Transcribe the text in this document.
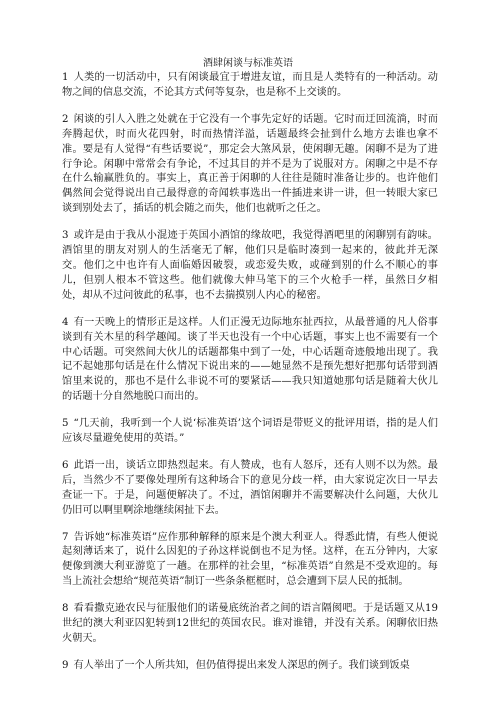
酒肆闲谈与标准英语

1 人类的一切活动中，只有闲谈最宜于增进友谊，而且是人类特有的一种活动。动物之间的信息交流，不论其方式何等复杂，也是称不上交谈的。

2 闲谈的引人入胜之处就在于它没有一个事先定好的话题。它时而迂回流淌，时而奔腾起伏，时而火花四射，时而热情洋溢，话题最终会扯到什么地方去谁也拿不准。要是有人觉得“有些话要说”，那定会大煞风景，使闲聊无趣。闲聊不是为了进行争论。闲聊中常常会有争论，不过其目的并不是为了说服对方。闲聊之中是不存在什么输赢胜负的。事实上，真正善于闲聊的人往往是随时准备让步的。也许他们偶然间会觉得说出自己最得意的奇闻轶事选出一件插进来讲一讲，但一转眼大家已谈到别处去了，插话的机会随之而失，他们也就听之任之。

3 或许是由于我从小混迹于英国小酒馆的缘故吧，我觉得酒吧里的闲聊别有韵味。酒馆里的朋友对别人的生活毫无了解，他们只是临时凑到一起来的，彼此并无深交。他们之中也许有人面临婚因破裂，或恋爱失败，或碰到别的什么不顺心的事儿，但别人根本不管这些。他们就像大伸马笔下的三个火枪手一样，虽然日夕相处，却从不过问彼此的私事，也不去揣摸别人内心的秘密。

4 有一天晚上的情形正是这样。人们正漫无边际地东扯西拉，从最普通的凡人俗事谈到有关木星的科学趣闻。谈了半天也没有一个中心话题，事实上也不需要有一个中心话题。可突然间大伙儿的话题都集中到了一处，中心话题奇迹般地出现了。我记不起她那句话是在什么情况下说出来的——她显然不是预先想好把那句话带到酒馆里来说的，那也不是什么非说不可的要紧话——我只知道她那句话是随着大伙儿的话题十分自然地脱口而出的。

5 “几天前，我听到一个人说‘标准英语’这个词语是带贬义的批评用语，指的是人们应该尽量避免使用的英语。”

6 此语一出，谈话立即热烈起来。有人赞成，也有人怒斥，还有人则不以为然。最后，当然少不了要像处理所有这种场合下的意见分歧一样，由大家说定次日一早去查证一下。于是，问题便解决了。不过，酒馆闲聊并不需要解决什么问题，大伙儿仍旧可以啊里啊涂地继续闲扯下去。

7 告诉她“标准英语”应作那种解释的原来是个澳大利亚人。得悉此情，有些人便说起刻薄话来了，说什么因犯的子孙这样说倒也不足为怪。这样，在五分钟内，大家便像到澳大利亚游览了一趟。在那样的社会里，“标准英语”自然是不受欢迎的。每当上流社会想给“规范英语”制订一些条条框框时，总会遭到下层人民的抵制。

8 看看撒克逊农民与征服他们的诺曼底统治者之间的语言隔阂吧。于是话题又从19世纪的澳大利亚囚犯转到12世纪的英国农民。谁对谁错，并没有关系。闲聊依旧热火朝天。

9 有人举出了一个人所共知，但仍值得提出来发人深思的例子。我们谈到饭桌
